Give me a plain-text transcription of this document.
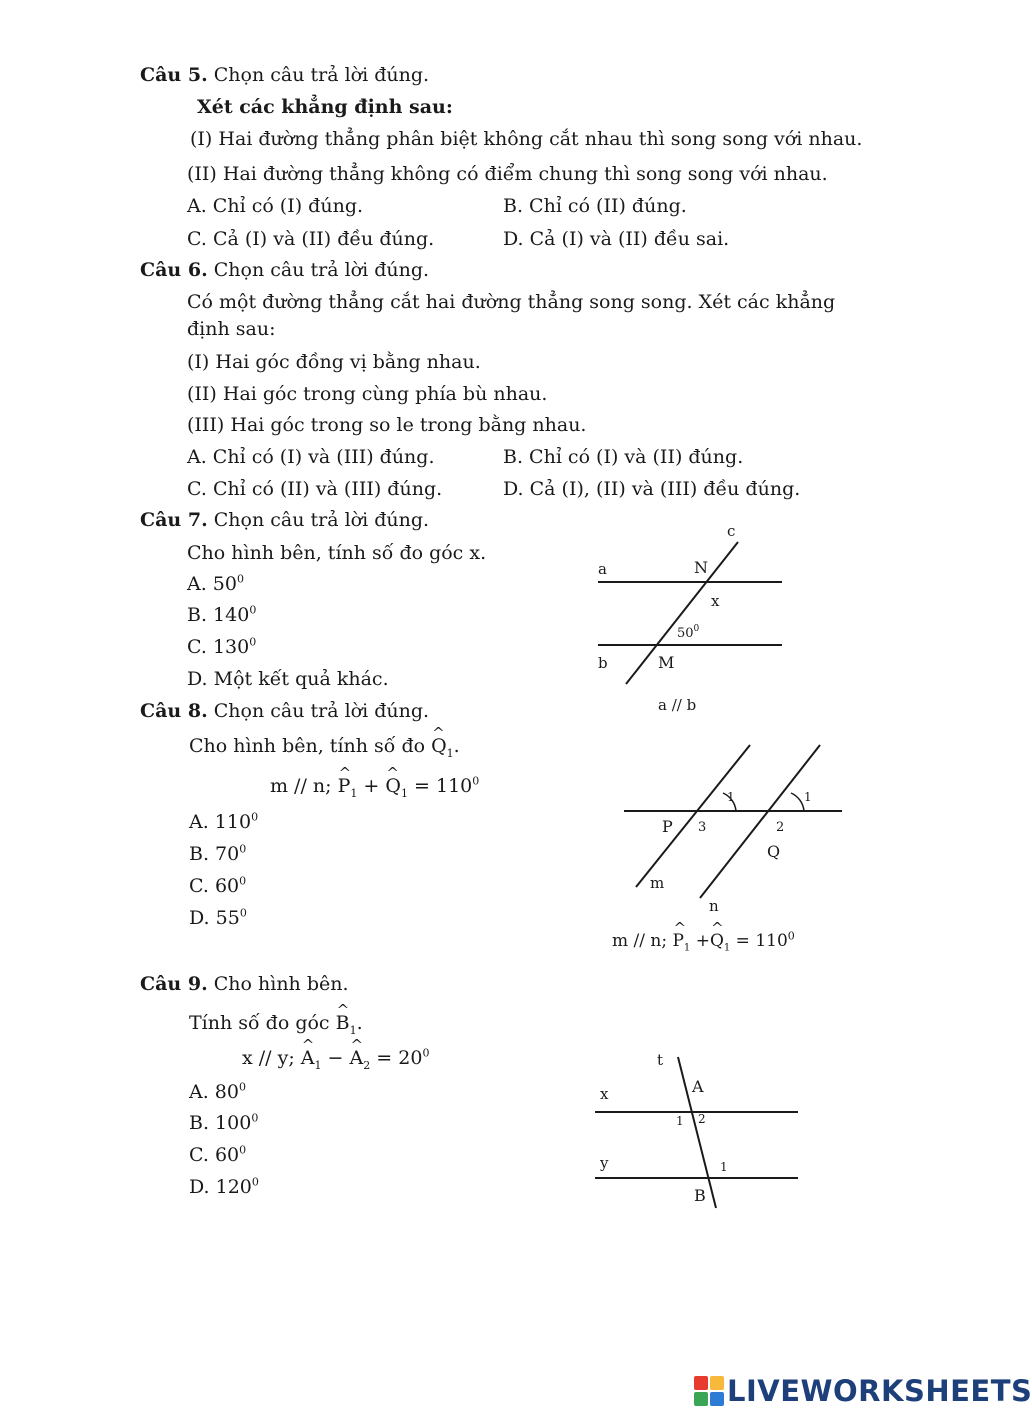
Câu 5. Chọn câu trả lời đúng.
Xét các khẳng định sau:
(I) Hai đường thẳng phân biệt không cắt nhau thì song song với nhau.
(II) Hai đường thẳng không có điểm chung thì song song với nhau.
A. Chỉ có (I) đúng.	B. Chỉ có (II) đúng.
C. Cả (I) và (II) đều đúng.	D. Cả (I) và (II) đều sai.
Câu 6. Chọn câu trả lời đúng.
Có một đường thẳng cắt hai đường thẳng song song. Xét các khẳng
định sau:
(I) Hai góc đồng vị bằng nhau.
(II) Hai góc trong cùng phía bù nhau.
(III) Hai góc trong so le trong bằng nhau.
A. Chỉ có (I) và (III) đúng.	B. Chỉ có (I) và (II) đúng.
C. Chỉ có (II) và (III) đúng.	D. Cả (I), (II) và (III) đều đúng.
Câu 7. Chọn câu trả lời đúng.
Cho hình bên, tính số đo góc x.
A. $50^0$
B. $140^0$
C. $130^0$
D. Một kết quả khác.
c
a	N
x
$50^0$
b	M
a // b
Câu 8. Chọn câu trả lời đúng.
Cho hình bên, tính số đo ^ $Q_1$.
m // n; ^ $P_1$ + ^ $Q_1 = 110^0$
A. $110^0$
B. $70^0$
C. $60^0$
D. $55^0$
1	1
P 3	2
Q
m
n
m // n; ^ $P_1$ +^ $Q_1 = 110^0$
Câu 9. Cho hình bên.
Tính số đo góc ^ $B_1$.
x // y; ^ $A_1$ − ^ $A_2 = 20^0$
A. $80^0$
B. $100^0$
C. $60^0$
D. $120^0$
t
A
x
1 2
y	1
B
LIVEWORKSHEETS
